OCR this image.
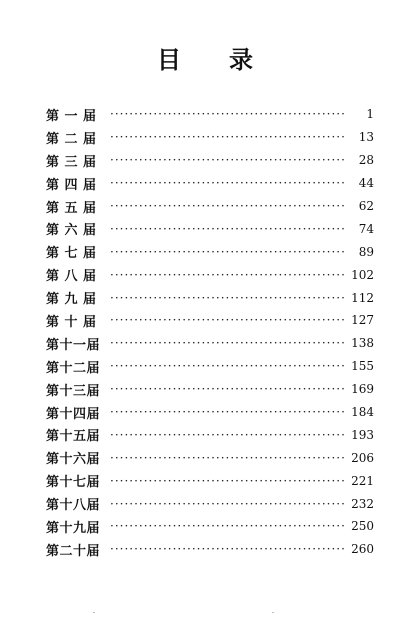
目 录
第 一 届 ·····	1
第 二 届 ·····	13
第 三 届 ·····	28
第 四 届 ·····	44
第 五 届 ·····	62
第 六 届 ·····	74
第 七 届 ·····	89
第 八 届 ·····	102
第 九 届 ·····	112
第 十 届 ·····	127
第十一届 ·····	138
第十二届 ·····	155
第十三届 ·····	169
第十四届 ·····	184
第十五届 ·····	193
第十六届 ·····	206
第十七届 ·····	221
第十八届 ·····	232
第十九届 ·····	250
第二十届 ·····	260
